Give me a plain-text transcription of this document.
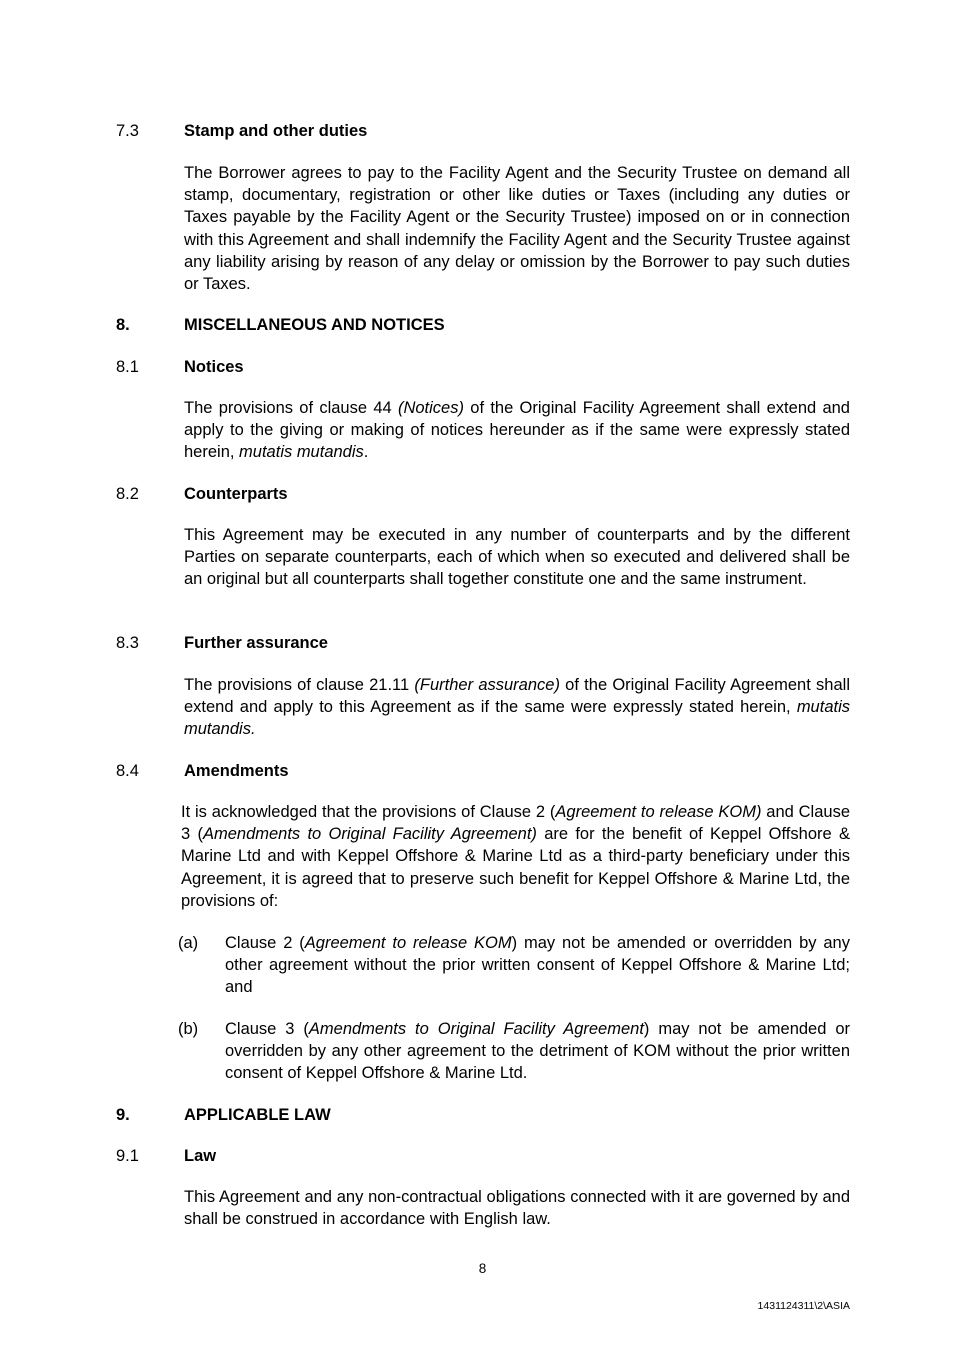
7.3	Stamp and other duties

The Borrower agrees to pay to the Facility Agent and the Security Trustee on demand all stamp, documentary, registration or other like duties or Taxes (including any duties or Taxes payable by the Facility Agent or the Security Trustee) imposed on or in connection with this Agreement and shall indemnify the Facility Agent and the Security Trustee against any liability arising by reason of any delay or omission by the Borrower to pay such duties or Taxes.

8.	MISCELLANEOUS AND NOTICES
8.1	Notices

The provisions of clause 44 (Notices) of the Original Facility Agreement shall extend and apply to the giving or making of notices hereunder as if the same were expressly stated herein, mutatis mutandis.

8.2	Counterparts

This Agreement may be executed in any number of counterparts and by the different Parties on separate counterparts, each of which when so executed and delivered shall be an original but all counterparts shall together constitute one and the same instrument.

8.3	Further assurance

The provisions of clause 21.11 (Further assurance) of the Original Facility Agreement shall extend and apply to this Agreement as if the same were expressly stated herein, mutatis mutandis.

8.4	Amendments

It is acknowledged that the provisions of Clause 2 (Agreement to release KOM) and Clause 3 (Amendments to Original Facility Agreement) are for the benefit of Keppel Offshore & Marine Ltd and with Keppel Offshore & Marine Ltd as a third-party beneficiary under this Agreement, it is agreed that to preserve such benefit for Keppel Offshore & Marine Ltd, the provisions of:

(a) Clause 2 (Agreement to release KOM) may not be amended or overridden by any other agreement without the prior written consent of Keppel Offshore & Marine Ltd; and

(b) Clause 3 (Amendments to Original Facility Agreement) may not be amended or overridden by any other agreement to the detriment of KOM without the prior written consent of Keppel Offshore & Marine Ltd.

9.	APPLICABLE LAW
9.1	Law

This Agreement and any non-contractual obligations connected with it are governed by and shall be construed in accordance with English law.

8
1431124311\2\ASIA
